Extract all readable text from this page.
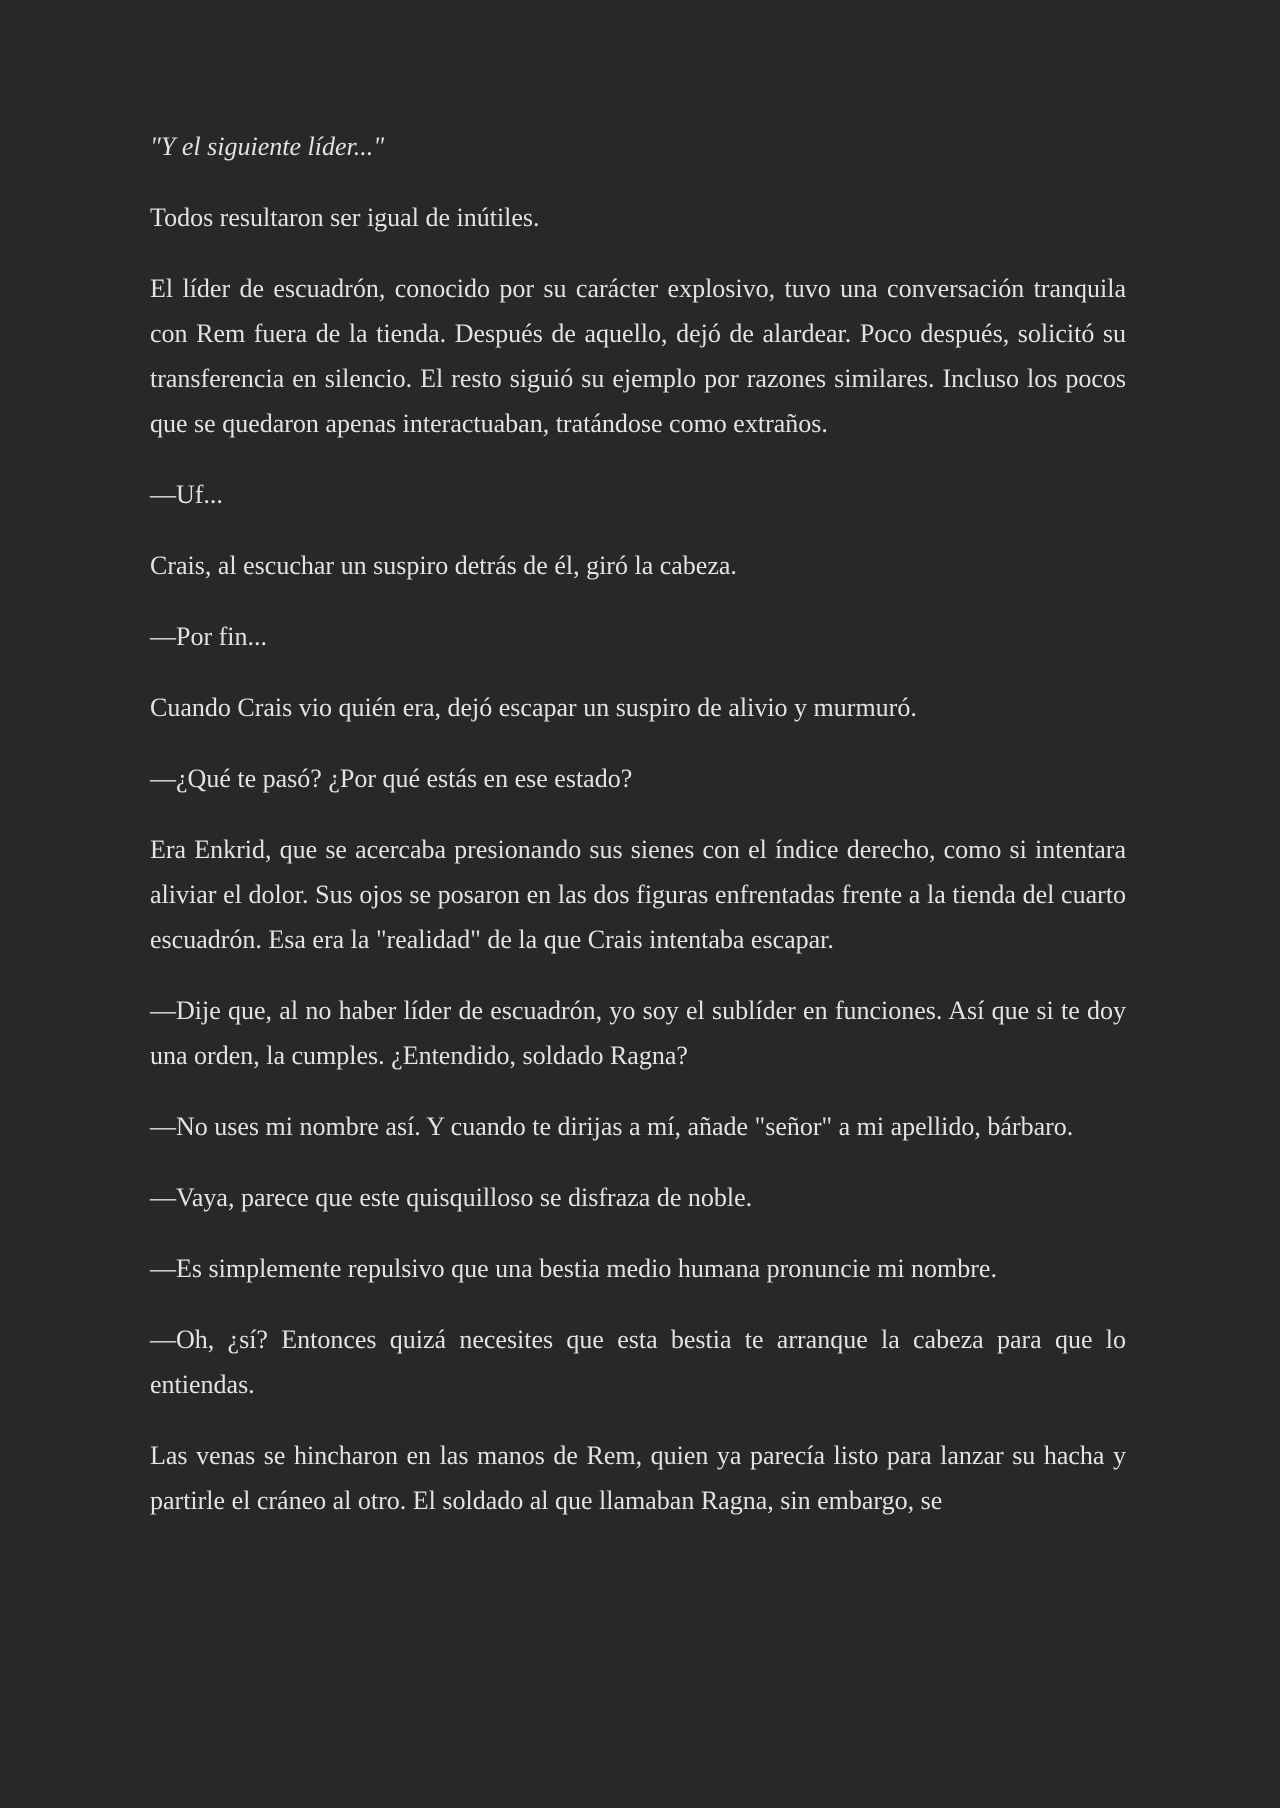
"Y el siguiente líder..."

Todos resultaron ser igual de inútiles.

El líder de escuadrón, conocido por su carácter explosivo, tuvo una conversación tranquila con Rem fuera de la tienda. Después de aquello, dejó de alardear. Poco después, solicitó su transferencia en silencio. El resto siguió su ejemplo por razones similares. Incluso los pocos que se quedaron apenas interactuaban, tratándose como extraños.

—Uf...

Crais, al escuchar un suspiro detrás de él, giró la cabeza.

—Por fin...

Cuando Crais vio quién era, dejó escapar un suspiro de alivio y murmuró.

—¿Qué te pasó? ¿Por qué estás en ese estado?

Era Enkrid, que se acercaba presionando sus sienes con el índice derecho, como si intentara aliviar el dolor. Sus ojos se posaron en las dos figuras enfrentadas frente a la tienda del cuarto escuadrón. Esa era la "realidad" de la que Crais intentaba escapar.

—Dije que, al no haber líder de escuadrón, yo soy el sublíder en funciones. Así que si te doy una orden, la cumples. ¿Entendido, soldado Ragna?

—No uses mi nombre así. Y cuando te dirijas a mí, añade "señor" a mi apellido, bárbaro.

—Vaya, parece que este quisquilloso se disfraza de noble.

—Es simplemente repulsivo que una bestia medio humana pronuncie mi nombre.

—Oh, ¿sí? Entonces quizá necesites que esta bestia te arranque la cabeza para que lo entiendas.

Las venas se hincharon en las manos de Rem, quien ya parecía listo para lanzar su hacha y partirle el cráneo al otro. El soldado al que llamaban Ragna, sin embargo, se
